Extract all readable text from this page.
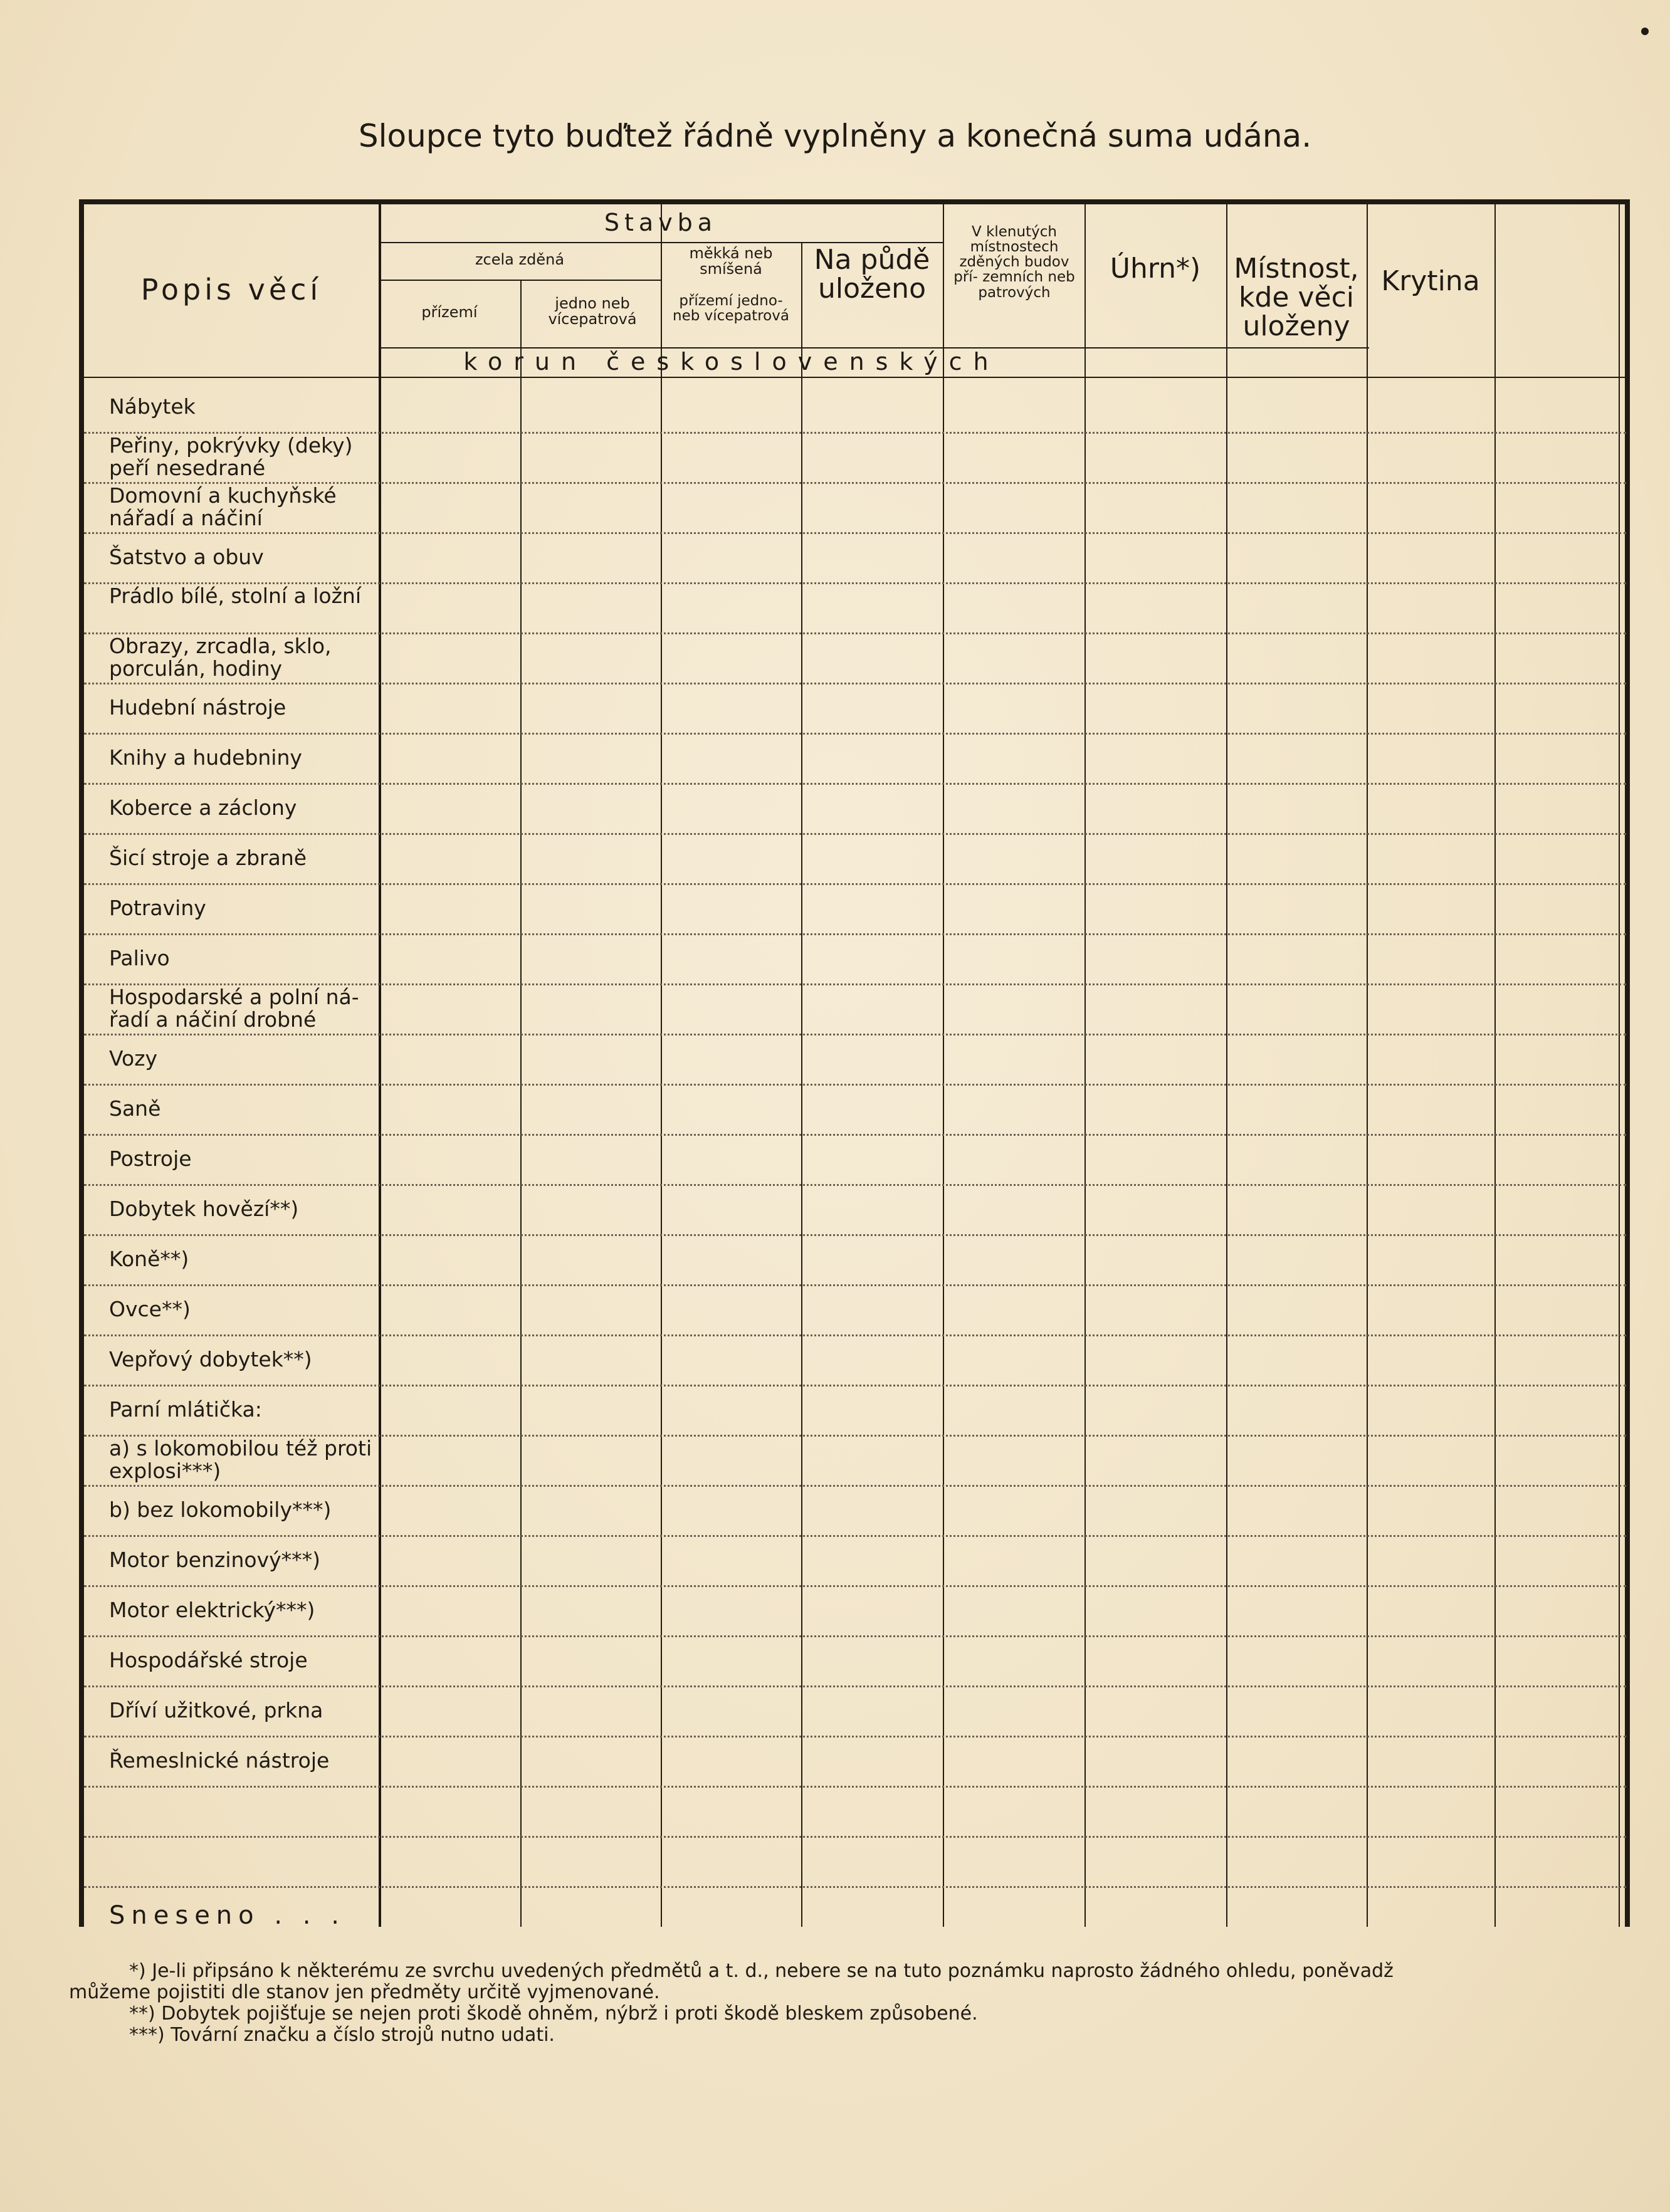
Sloupce tyto buďtež řádně vyplněny a konečná suma udána.
Popis věcí
Stavba
zcela zděná
přízemí	jedno neb vícepatrová
měkká neb smíšená
přízemí jedno- neb vícepatrová
Na půdě uloženo
V klenutých místnostech zděných budov pří- zemních neb patrových
Úhrn*)	Místnost, kde věci uloženy
Krytina
korun československých
Nábytek
Peřiny, pokrývky (deky) peří nesedrané
Domovní a kuchyňské nářadí a náčiní
Šatstvo a obuv
Prádlo bílé, stolní a ložní
Obrazy, zrcadla, sklo, porculán, hodiny
Hudební nástroje
Knihy a hudebniny
Koberce a záclony
Šicí stroje a zbraně
Potraviny
Palivo
Hospodarské a polní ná- řadí a náčiní drobné
Vozy
Saně
Postroje
Dobytek hovězí**)
Koně**)
Ovce**)
Vepřový dobytek**)
Parní mlátička:
a) s lokomobilou též proti explosi***)
b) bez lokomobily***)
Motor benzinový***)
Motor elektrický***)
Hospodářské stroje
Dříví užitkové, prkna
Řemeslnické nástroje
Sneseno . . .
*) Je-li připsáno k některému ze svrchu uvedených předmětů a t. d., nebere se na tuto poznámku naprosto žádného ohledu, poněvadž
můžeme pojistiti dle stanov jen předměty určitě vyjmenované.
**) Dobytek pojišťuje se nejen proti škodě ohněm, nýbrž i proti škodě bleskem způsobené.
***) Tovární značku a číslo strojů nutno udati.
